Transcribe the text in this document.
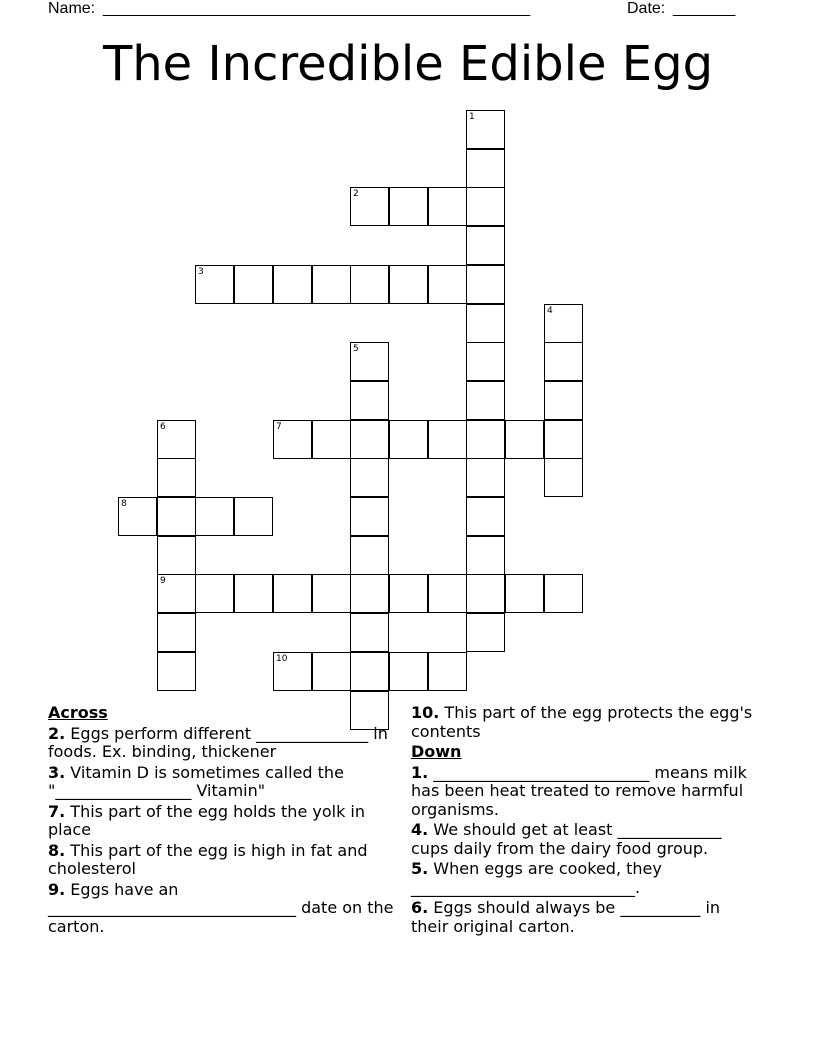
Name: ________________________________________________	Date: _______
The Incredible Edible Egg
2
3
7
8
9
10
1
4
5
6
Across
2. Eggs perform different ______________ in foods. Ex. binding, thickener
3. Vitamin D is sometimes called the "_________________ Vitamin"
7. This part of the egg holds the yolk in place
8. This part of the egg is high in fat and cholesterol
9. Eggs have an _______________________________ date on the carton.
10. This part of the egg protects the egg's contents
Down
1. ___________________________ means milk has been heat treated to remove harmful organisms.
4. We should get at least _____________ cups daily from the dairy food group.
5. When eggs are cooked, they ____________________________.
6. Eggs should always be __________ in their original carton.
